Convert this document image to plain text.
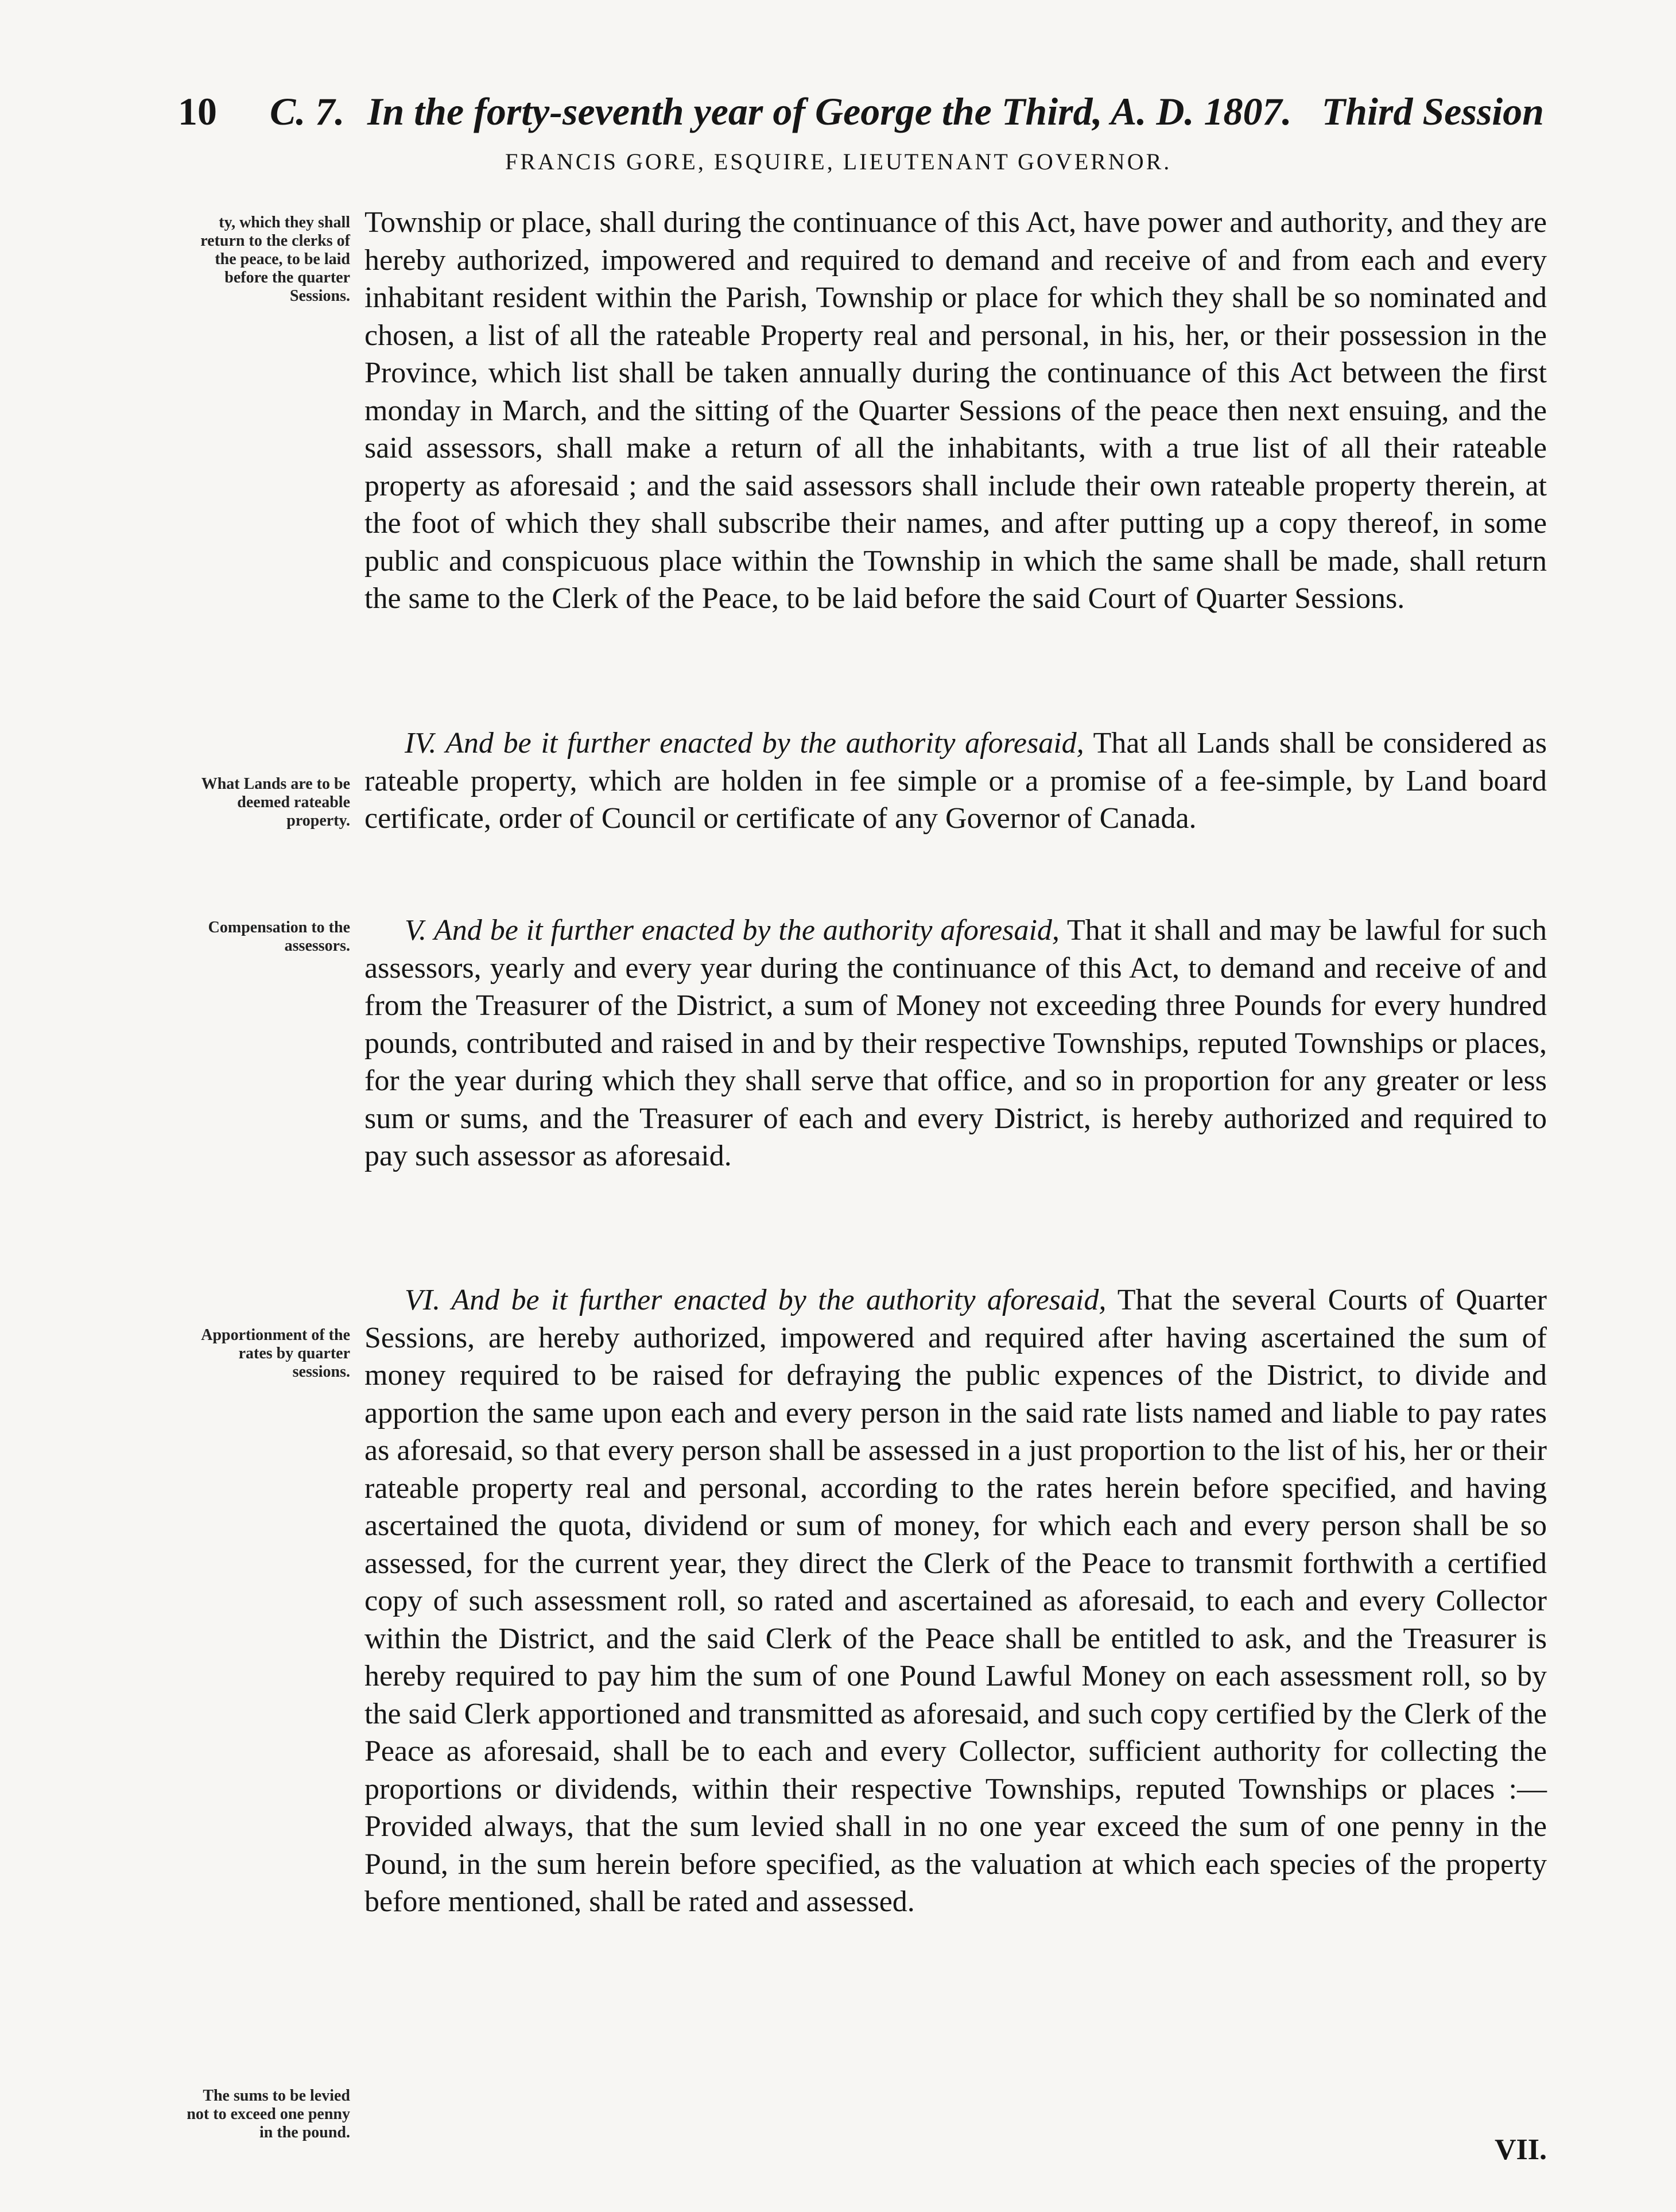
10 C. 7. In the forty-seventh year of George the Third, A. D. 1807. Third Session
FRANCIS GORE, ESQUIRE, LIEUTENANT GOVERNOR.
ty, which they shall return to the clerks of the peace, to be laid before the quarter Sessions.
What Lands are to be deemed rateable property.
Compensation to the assessors.
Apportionment of the rates by quarter sessions.
The sums to be levied not to exceed one penny in the pound.

Township or place, shall during the continuance of this Act, have power and authority, and they are hereby authorized, impowered and required to demand and receive of and from each and every inhabitant resident within the Parish, Township or place for which they shall be so nominated and chosen, a list of all the rateable Property real and personal, in his, her, or their possession in the Province, which list shall be taken annually during the continuance of this Act between the first monday in March, and the sitting of the Quarter Sessions of the peace then next ensuing, and the said assessors, shall make a return of all the inhabitants, with a true list of all their rateable property as aforesaid ; and the said assessors shall include their own rateable property therein, at the foot of which they shall subscribe their names, and after putting up a copy thereof, in some public and conspicuous place within the Township in which the same shall be made, shall return the same to the Clerk of the Peace, to be laid before the said Court of Quarter Sessions.

IV. And be it further enacted by the authority aforesaid, That all Lands shall be considered as rateable property, which are holden in fee simple or a promise of a fee-simple, by Land board certificate, order of Council or certificate of any Governor of Canada.

V. And be it further enacted by the authority aforesaid, That it shall and may be lawful for such assessors, yearly and every year during the continuance of this Act, to demand and receive of and from the Treasurer of the District, a sum of Money not exceeding three Pounds for every hundred pounds, contributed and raised in and by their respective Townships, reputed Townships or places, for the year during which they shall serve that office, and so in proportion for any greater or less sum or sums, and the Treasurer of each and every District, is hereby authorized and required to pay such assessor as aforesaid.

VI. And be it further enacted by the authority aforesaid, That the several Courts of Quarter Sessions, are hereby authorized, impowered and required after having ascertained the sum of money required to be raised for defraying the public expences of the District, to divide and apportion the same upon each and every person in the said rate lists named and liable to pay rates as aforesaid, so that every person shall be assessed in a just proportion to the list of his, her or their rateable property real and personal, according to the rates herein before specified, and having ascertained the quota, dividend or sum of money, for which each and every person shall be so assessed, for the current year, they direct the Clerk of the Peace to transmit forthwith a certified copy of such assessment roll, so rated and ascertained as aforesaid, to each and every Collector within the District, and the said Clerk of the Peace shall be entitled to ask, and the Treasurer is hereby required to pay him the sum of one Pound Lawful Money on each assessment roll, so by the said Clerk apportioned and transmitted as aforesaid, and such copy certified by the Clerk of the Peace as aforesaid, shall be to each and every Collector, sufficient authority for collecting the proportions or dividends, within their respective Townships, reputed Townships or places :—Provided always, that the sum levied shall in no one year exceed the sum of one penny in the Pound, in the sum herein before specified, as the valuation at which each species of the property before mentioned, shall be rated and assessed.

VII.
